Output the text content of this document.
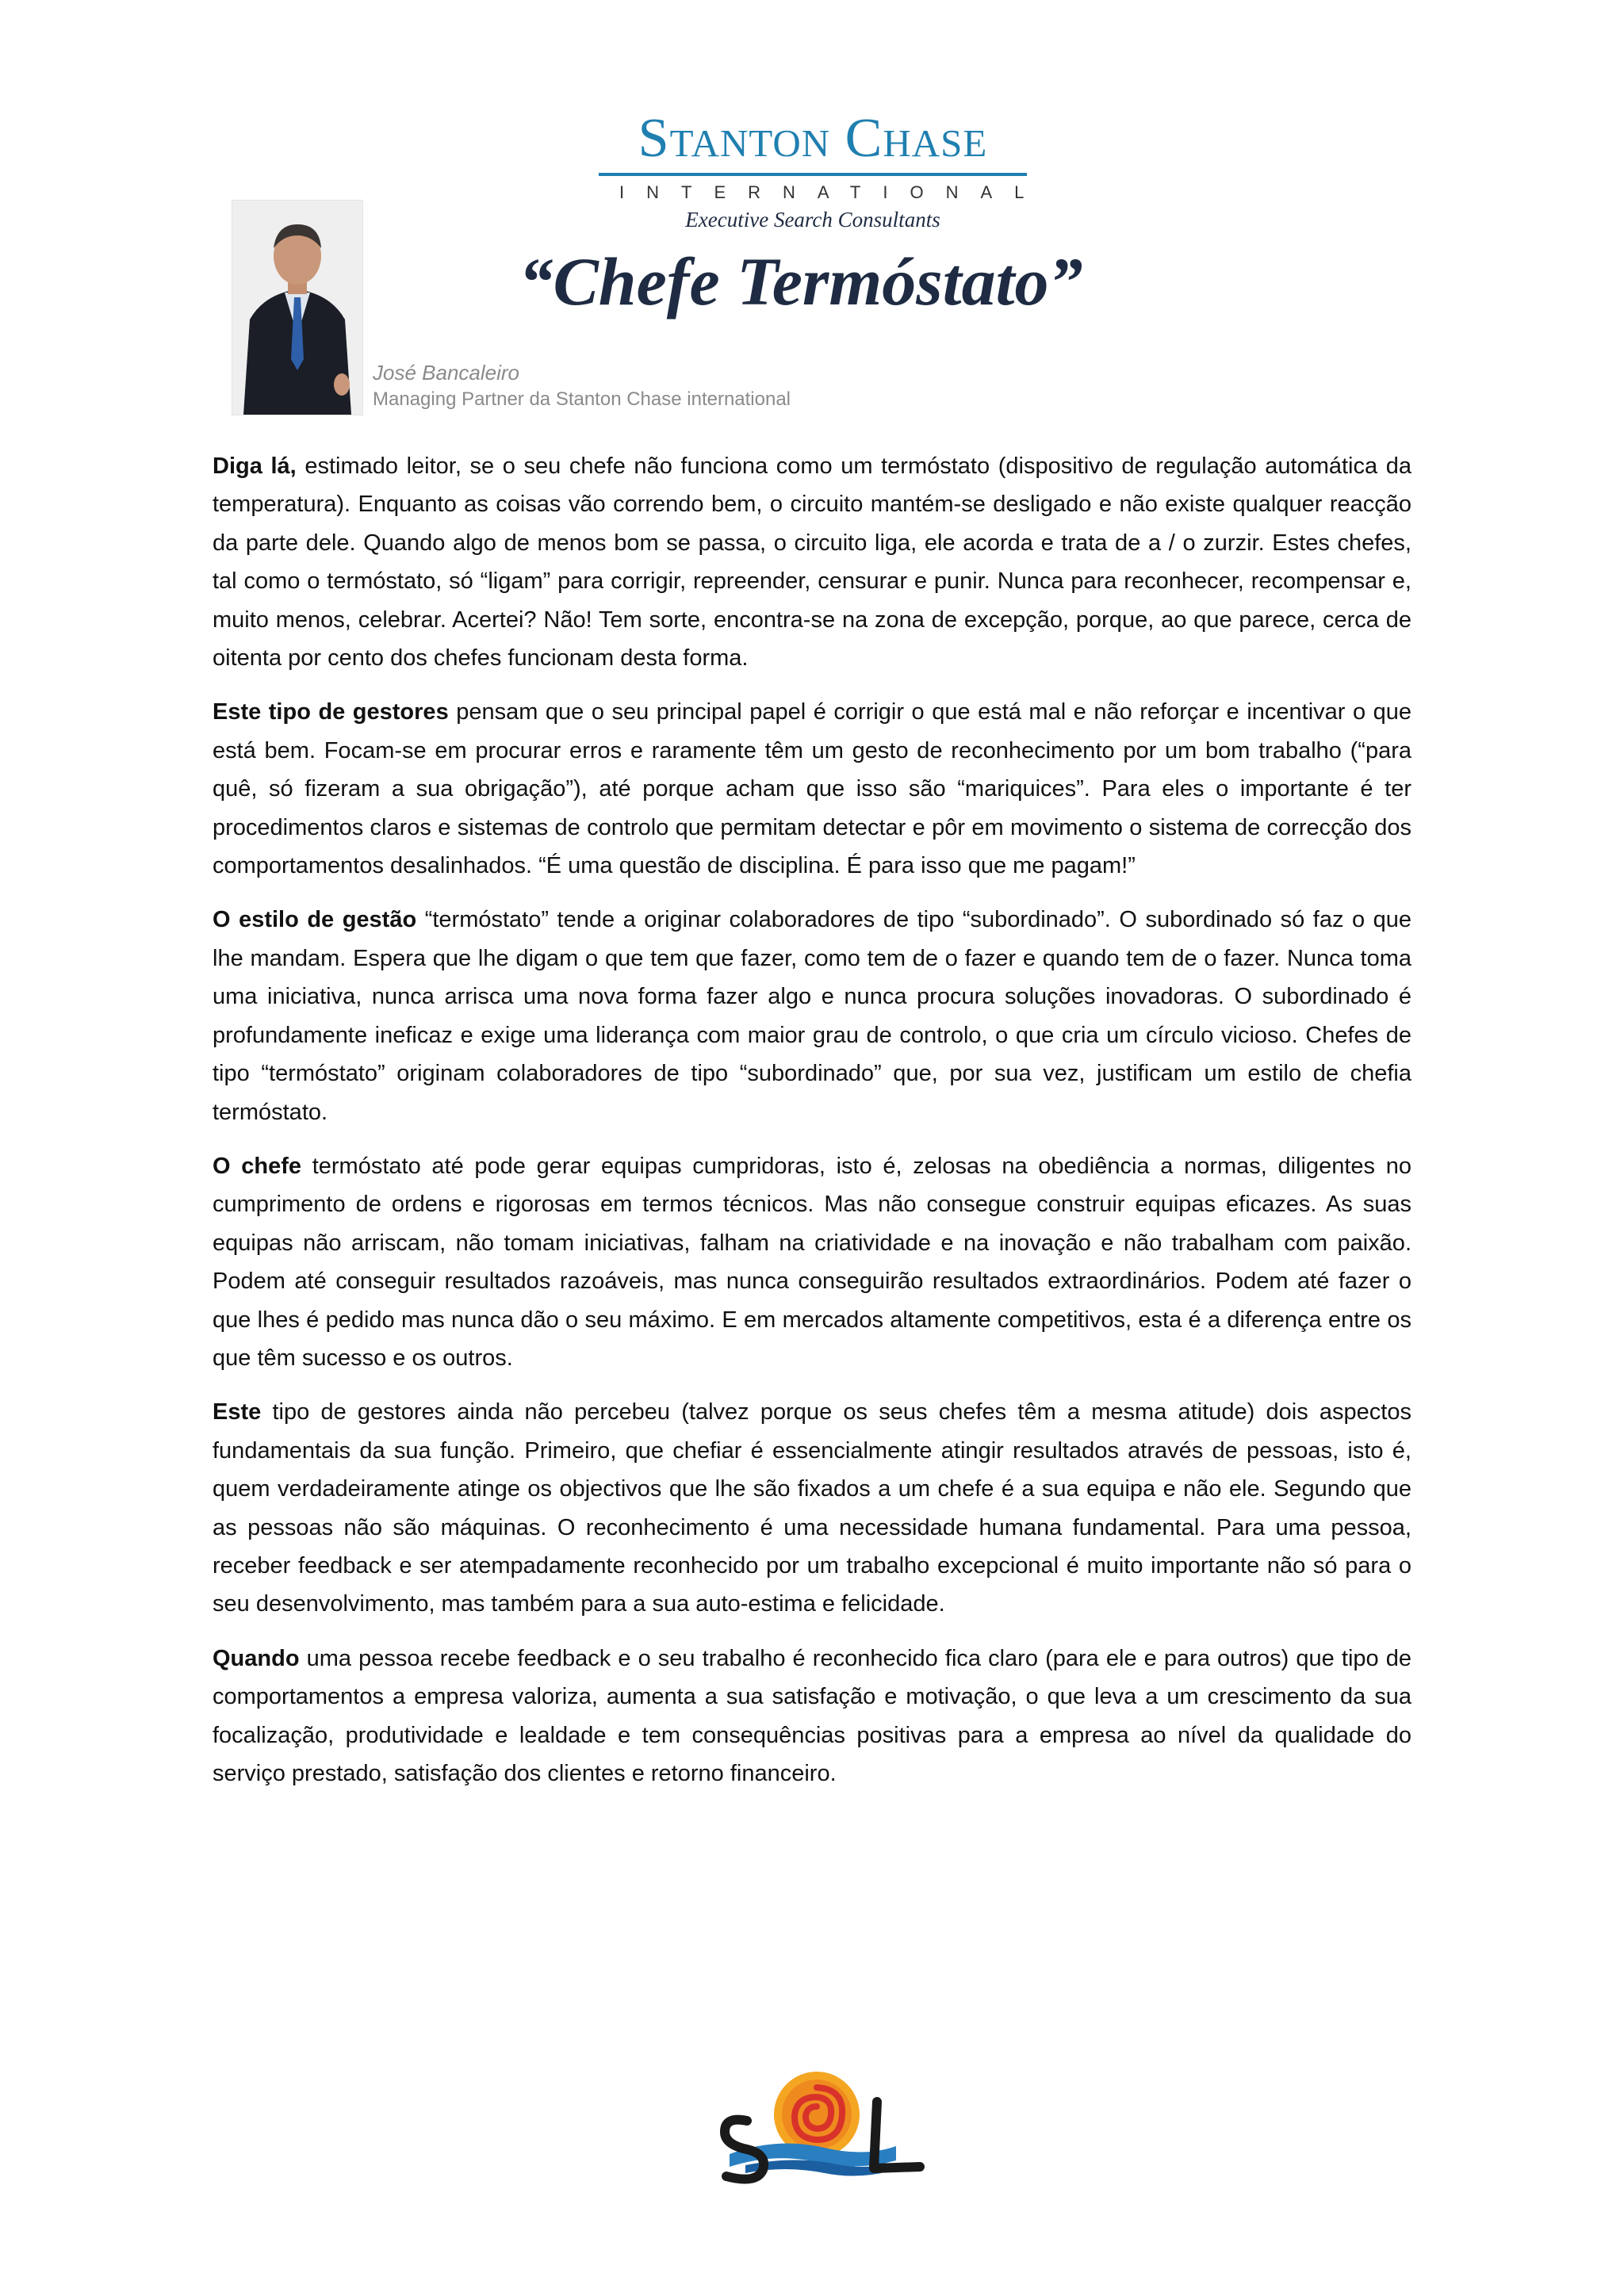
Stanton Chase
INTERNATIONAL
Executive Search Consultants
“Chefe Termóstato”
José Bancaleiro
Managing Partner da Stanton Chase international

Diga lá, estimado leitor, se o seu chefe não funciona como um termóstato (dispositivo de regulação automática da temperatura). Enquanto as coisas vão correndo bem, o circuito mantém-se desligado e não existe qualquer reacção da parte dele. Quando algo de menos bom se passa, o circuito liga, ele acorda e trata de a / o zurzir. Estes chefes, tal como o termóstato, só “ligam” para corrigir, repreender, censurar e punir. Nunca para reconhecer, recompensar e, muito menos, celebrar. Acertei? Não! Tem sorte, encontra-se na zona de excepção, porque, ao que parece, cerca de oitenta por cento dos chefes funcionam desta forma.

Este tipo de gestores pensam que o seu principal papel é corrigir o que está mal e não reforçar e incentivar o que está bem. Focam-se em procurar erros e raramente têm um gesto de reconhecimento por um bom trabalho (“para quê, só fizeram a sua obrigação”), até porque acham que isso são “mariquices”. Para eles o importante é ter procedimentos claros e sistemas de controlo que permitam detectar e pôr em movimento o sistema de correcção dos comportamentos desalinhados. “É uma questão de disciplina. É para isso que me pagam!”

O estilo de gestão “termóstato” tende a originar colaboradores de tipo “subordinado”. O subordinado só faz o que lhe mandam. Espera que lhe digam o que tem que fazer, como tem de o fazer e quando tem de o fazer. Nunca toma uma iniciativa, nunca arrisca uma nova forma fazer algo e nunca procura soluções inovadoras. O subordinado é profundamente ineficaz e exige uma liderança com maior grau de controlo, o que cria um círculo vicioso. Chefes de tipo “termóstato” originam colaboradores de tipo “subordinado” que, por sua vez, justificam um estilo de chefia termóstato.

O chefe termóstato até pode gerar equipas cumpridoras, isto é, zelosas na obediência a normas, diligentes no cumprimento de ordens e rigorosas em termos técnicos. Mas não consegue construir equipas eficazes. As suas equipas não arriscam, não tomam iniciativas, falham na criatividade e na inovação e não trabalham com paixão. Podem até conseguir resultados razoáveis, mas nunca conseguirão resultados extraordinários. Podem até fazer o que lhes é pedido mas nunca dão o seu máximo. E em mercados altamente competitivos, esta é a diferença entre os que têm sucesso e os outros.

Este tipo de gestores ainda não percebeu (talvez porque os seus chefes têm a mesma atitude) dois aspectos fundamentais da sua função. Primeiro, que chefiar é essencialmente atingir resultados através de pessoas, isto é, quem verdadeiramente atinge os objectivos que lhe são fixados a um chefe é a sua equipa e não ele. Segundo que as pessoas não são máquinas. O reconhecimento é uma necessidade humana fundamental. Para uma pessoa, receber feedback e ser atempadamente reconhecido por um trabalho excepcional é muito importante não só para o seu desenvolvimento, mas também para a sua auto-estima e felicidade.

Quando uma pessoa recebe feedback e o seu trabalho é reconhecido fica claro (para ele e para outros) que tipo de comportamentos a empresa valoriza, aumenta a sua satisfação e motivação, o que leva a um crescimento da sua focalização, produtividade e lealdade e tem consequências positivas para a empresa ao nível da qualidade do serviço prestado, satisfação dos clientes e retorno financeiro.
